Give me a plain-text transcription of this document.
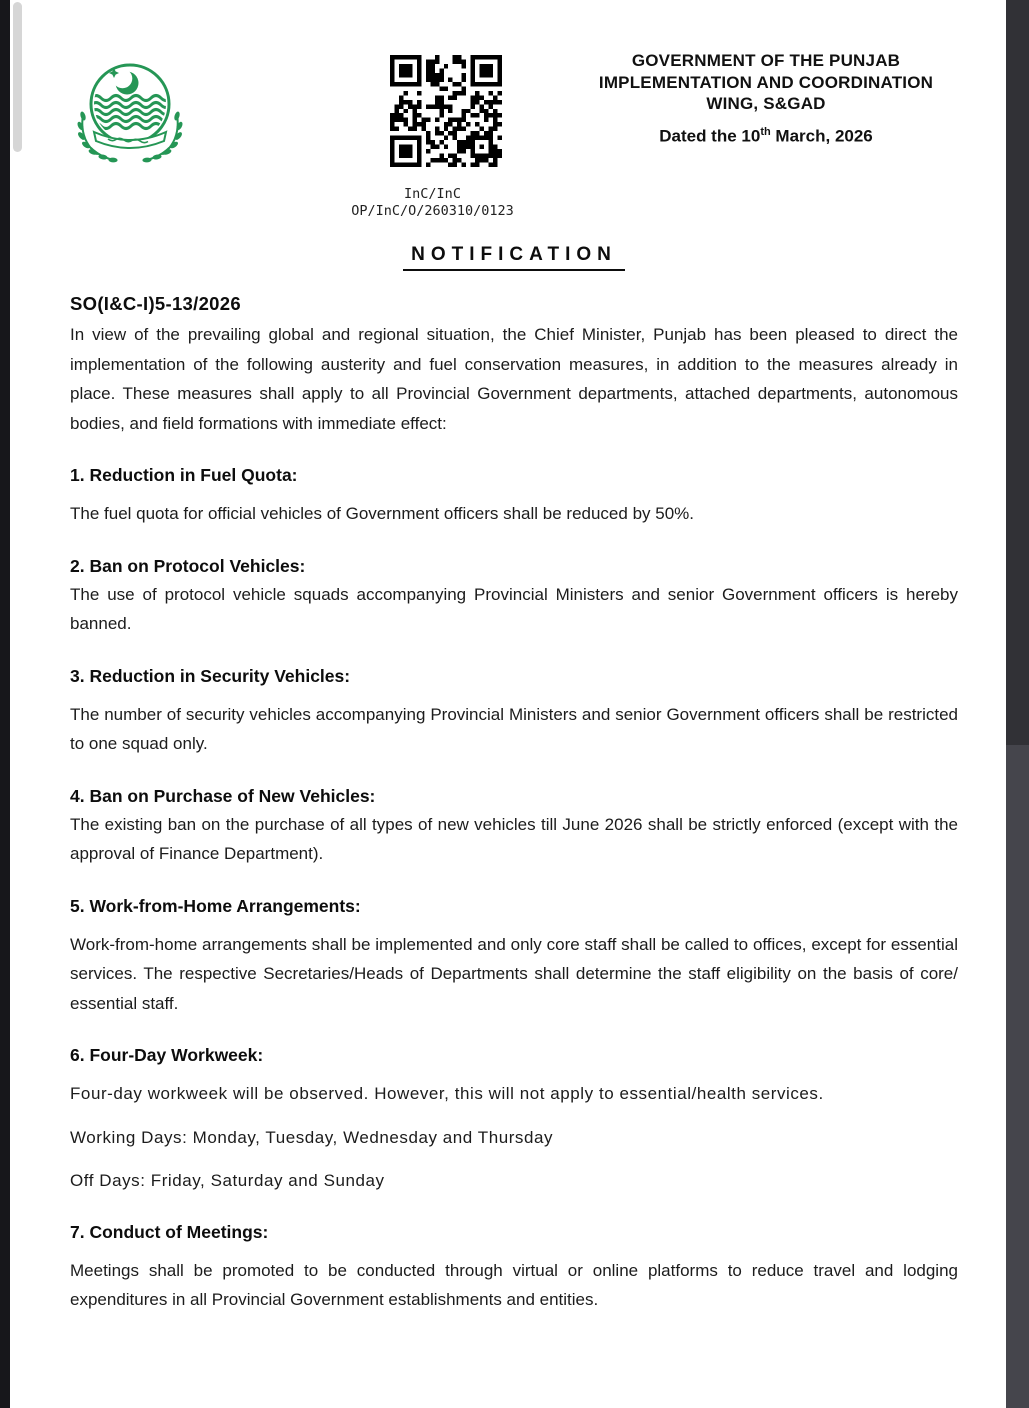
InC/InC
OP/InC/O/260310/0123
GOVERNMENT OF THE PUNJAB
IMPLEMENTATION AND COORDINATION
WING, S&GAD
Dated the 10th March, 2026
NOTIFICATION
SO(I&C-I)5-13/2026

In view of the prevailing global and regional situation, the Chief Minister, Punjab has been pleased to direct the implementation of the following austerity and fuel conservation measures, in addition to the measures already in place. These measures shall apply to all Provincial Government departments, attached departments, autonomous bodies, and field formations with immediate effect:

1. Reduction in Fuel Quota:

The fuel quota for official vehicles of Government officers shall be reduced by 50%.

2. Ban on Protocol Vehicles:

The use of protocol vehicle squads accompanying Provincial Ministers and senior Government officers is hereby banned.

3. Reduction in Security Vehicles:

The number of security vehicles accompanying Provincial Ministers and senior Government officers shall be restricted to one squad only.

4. Ban on Purchase of New Vehicles:

The existing ban on the purchase of all types of new vehicles till June 2026 shall be strictly enforced (except with the approval of Finance Department).

5. Work-from-Home Arrangements:

Work-from-home arrangements shall be implemented and only core staff shall be called to offices, except for essential services. The respective Secretaries/Heads of Departments shall determine the staff eligibility on the basis of core/ essential staff.

6. Four-Day Workweek:

Four-day workweek will be observed. However, this will not apply to essential/health services.

Working Days: Monday, Tuesday, Wednesday and Thursday

Off Days: Friday, Saturday and Sunday

7. Conduct of Meetings:

Meetings shall be promoted to be conducted through virtual or online platforms to reduce travel and lodging expenditures in all Provincial Government establishments and entities.
